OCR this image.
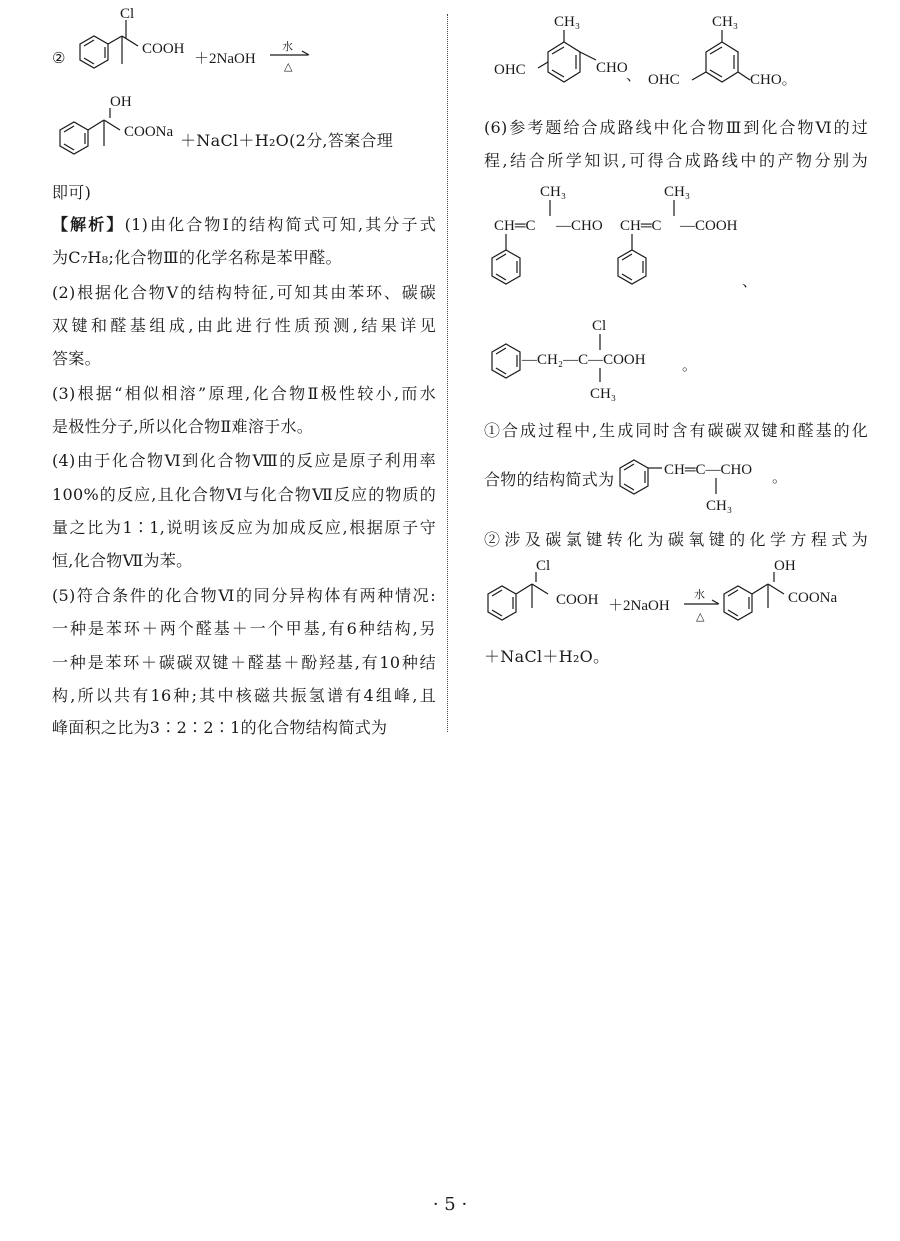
②
Cl
COOH
＋2NaOH
水
△
OH
COONa ＋NaCl＋H₂O(2分,答案合理
即可)
【解析】(1)由化合物Ⅰ的结构简式可知,其分子式
为C₇H₈;化合物Ⅲ的化学名称是苯甲醛。
(2)根据化合物Ⅴ的结构特征,可知其由苯环、碳碳
双键和醛基组成,由此进行性质预测,结果详见
答案。
(3)根据“相似相溶”原理,化合物Ⅱ极性较小,而水
是极性分子,所以化合物Ⅱ难溶于水。
(4)由于化合物Ⅵ到化合物Ⅷ的反应是原子利用率
100%的反应,且化合物Ⅵ与化合物Ⅶ反应的物质的
量之比为1∶1,说明该反应为加成反应,根据原子守
恒,化合物Ⅶ为苯。
(5)符合条件的化合物Ⅵ的同分异构体有两种情况:
一种是苯环＋两个醛基＋一个甲基,有6种结构,另
一种是苯环＋碳碳双键＋醛基＋酚羟基,有10种结
构,所以共有16种;其中核磁共振氢谱有4组峰,且
峰面积之比为3∶2∶2∶1的化合物结构简式为
CH₃
OHC	CHO
、
CH₃
OHC	CHO。
(6)参考题给合成路线中化合物Ⅲ到化合物Ⅵ的过
程,结合所学知识,可得合成路线中的产物分别为
CH₃
CH═C —CHO
CH₃
CH═C —COOH
、
Cl
—CH₂—C—COOH
CH₃
。
①合成过程中,生成同时含有碳碳双键和醛基的化
合物的结构简式为	CH═C—CHO
CH₃
。
②涉及碳氯键转化为碳氧键的化学方程式为
Cl
COOH ＋2NaOH
水
△
OH
COONa
＋NaCl＋H₂O。
· 5 ·
